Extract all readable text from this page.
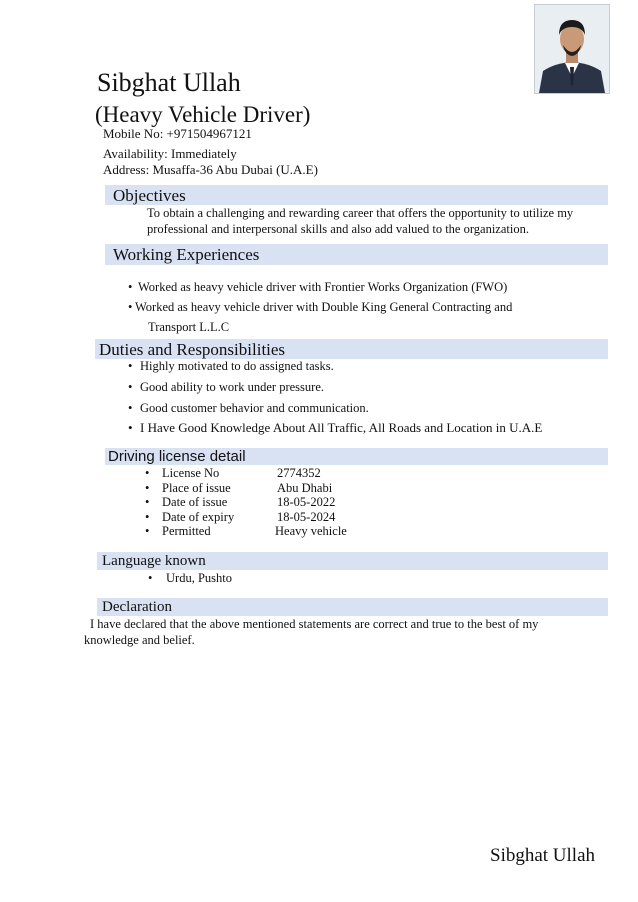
Sibghat Ullah
(Heavy Vehicle Driver)
Mobile No: +971504967121
Availability: Immediately
Address: Musaffa-36 Abu Dubai (U.A.E)
Objectives
To obtain a challenging and rewarding career that offers the opportunity to utilize my professional and interpersonal skills and also add valued to the organization.
Working Experiences
• Worked as heavy vehicle driver with Frontier Works Organization (FWO)
• Worked as heavy vehicle driver with Double King General Contracting and
Transport L.L.C
Duties and Responsibilities
• Highly motivated to do assigned tasks.
• Good ability to work under pressure.
• Good customer behavior and communication.
• I Have Good Knowledge About All Traffic, All Roads and Location in U.A.E
Driving license detail
• License No	2774352
• Place of issue	Abu Dhabi
• Date of issue	18-05-2022
• Date of expiry	18-05-2024
• Permitted	Heavy vehicle
Language known
• Urdu, Pushto
Declaration
I have declared that the above mentioned statements are correct and true to the best of my knowledge and belief.
Sibghat Ullah
